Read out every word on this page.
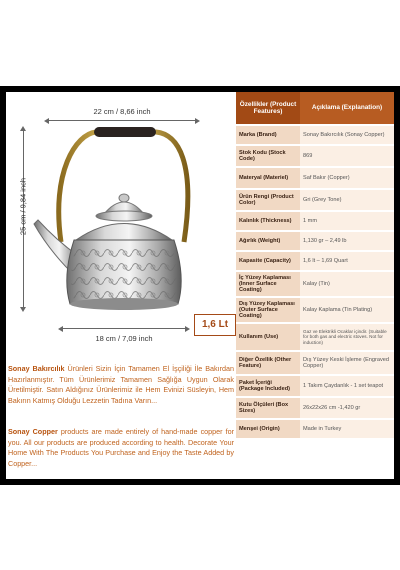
22 cm / 8,66 inch
25 cm / 9,84 inch
18 cm / 7,09 inch
1,6 Lt
Sonay Bakırcılık Ürünleri Sizin İçin Tamamen El İşçiliği İle Bakırdan Hazırlanmıştır. Tüm Ürünlerimiz Tamamen Sağlığa Uygun Olarak Üretilmiştir. Satın Aldığınız Ürünlerimiz ile Hem Evinizi Süsleyin, Hem Bakırın Katmış Olduğu Lezzetin Tadına Varın...
Sonay Copper products are made entirely of hand-made copper for you. All our products are produced according to health. Decorate Your Home With The Products You Purchase and Enjoy the Taste Added by Copper...
Özellikler (Product Features)	Açıklama (Explanation)
Marka (Brand)	Sonay Bakırcılık (Sonay Copper)
Stok Kodu (Stock Code)	869
Materyal (Materiel)	Saf Bakır (Copper)
Ürün Rengi (Product Color)	Gri (Grey Tone)
Kalınlık (Thickness)	1 mm
Ağırlık (Weight)	1,130 gr – 2,49 lb
Kapasite (Capacity)	1,6 lt – 1,69 Quart
İç Yüzey Kaplaması (Inner Surface Coating)	Kalay (Tin)
Dış Yüzey Kaplaması (Outer Surface Coating)	Kalay Kaplama (Tin Plating)
Kullanım (Use)	Gaz ve Elektrikli Ocaklar içindir. (Suitable for both gas and electric stoves. Not for induction)
Diğer Özellik (Other Feature)	Dış Yüzey Keski İşleme (Engraved Copper)
Paket İçeriği (Package Included)	1 Takım Çaydanlık - 1 set teapot
Kutu Ölçüleri (Box Sizes)	26x22x26 cm -1,420 gr
Menşei (Origin)	Made in Turkey
